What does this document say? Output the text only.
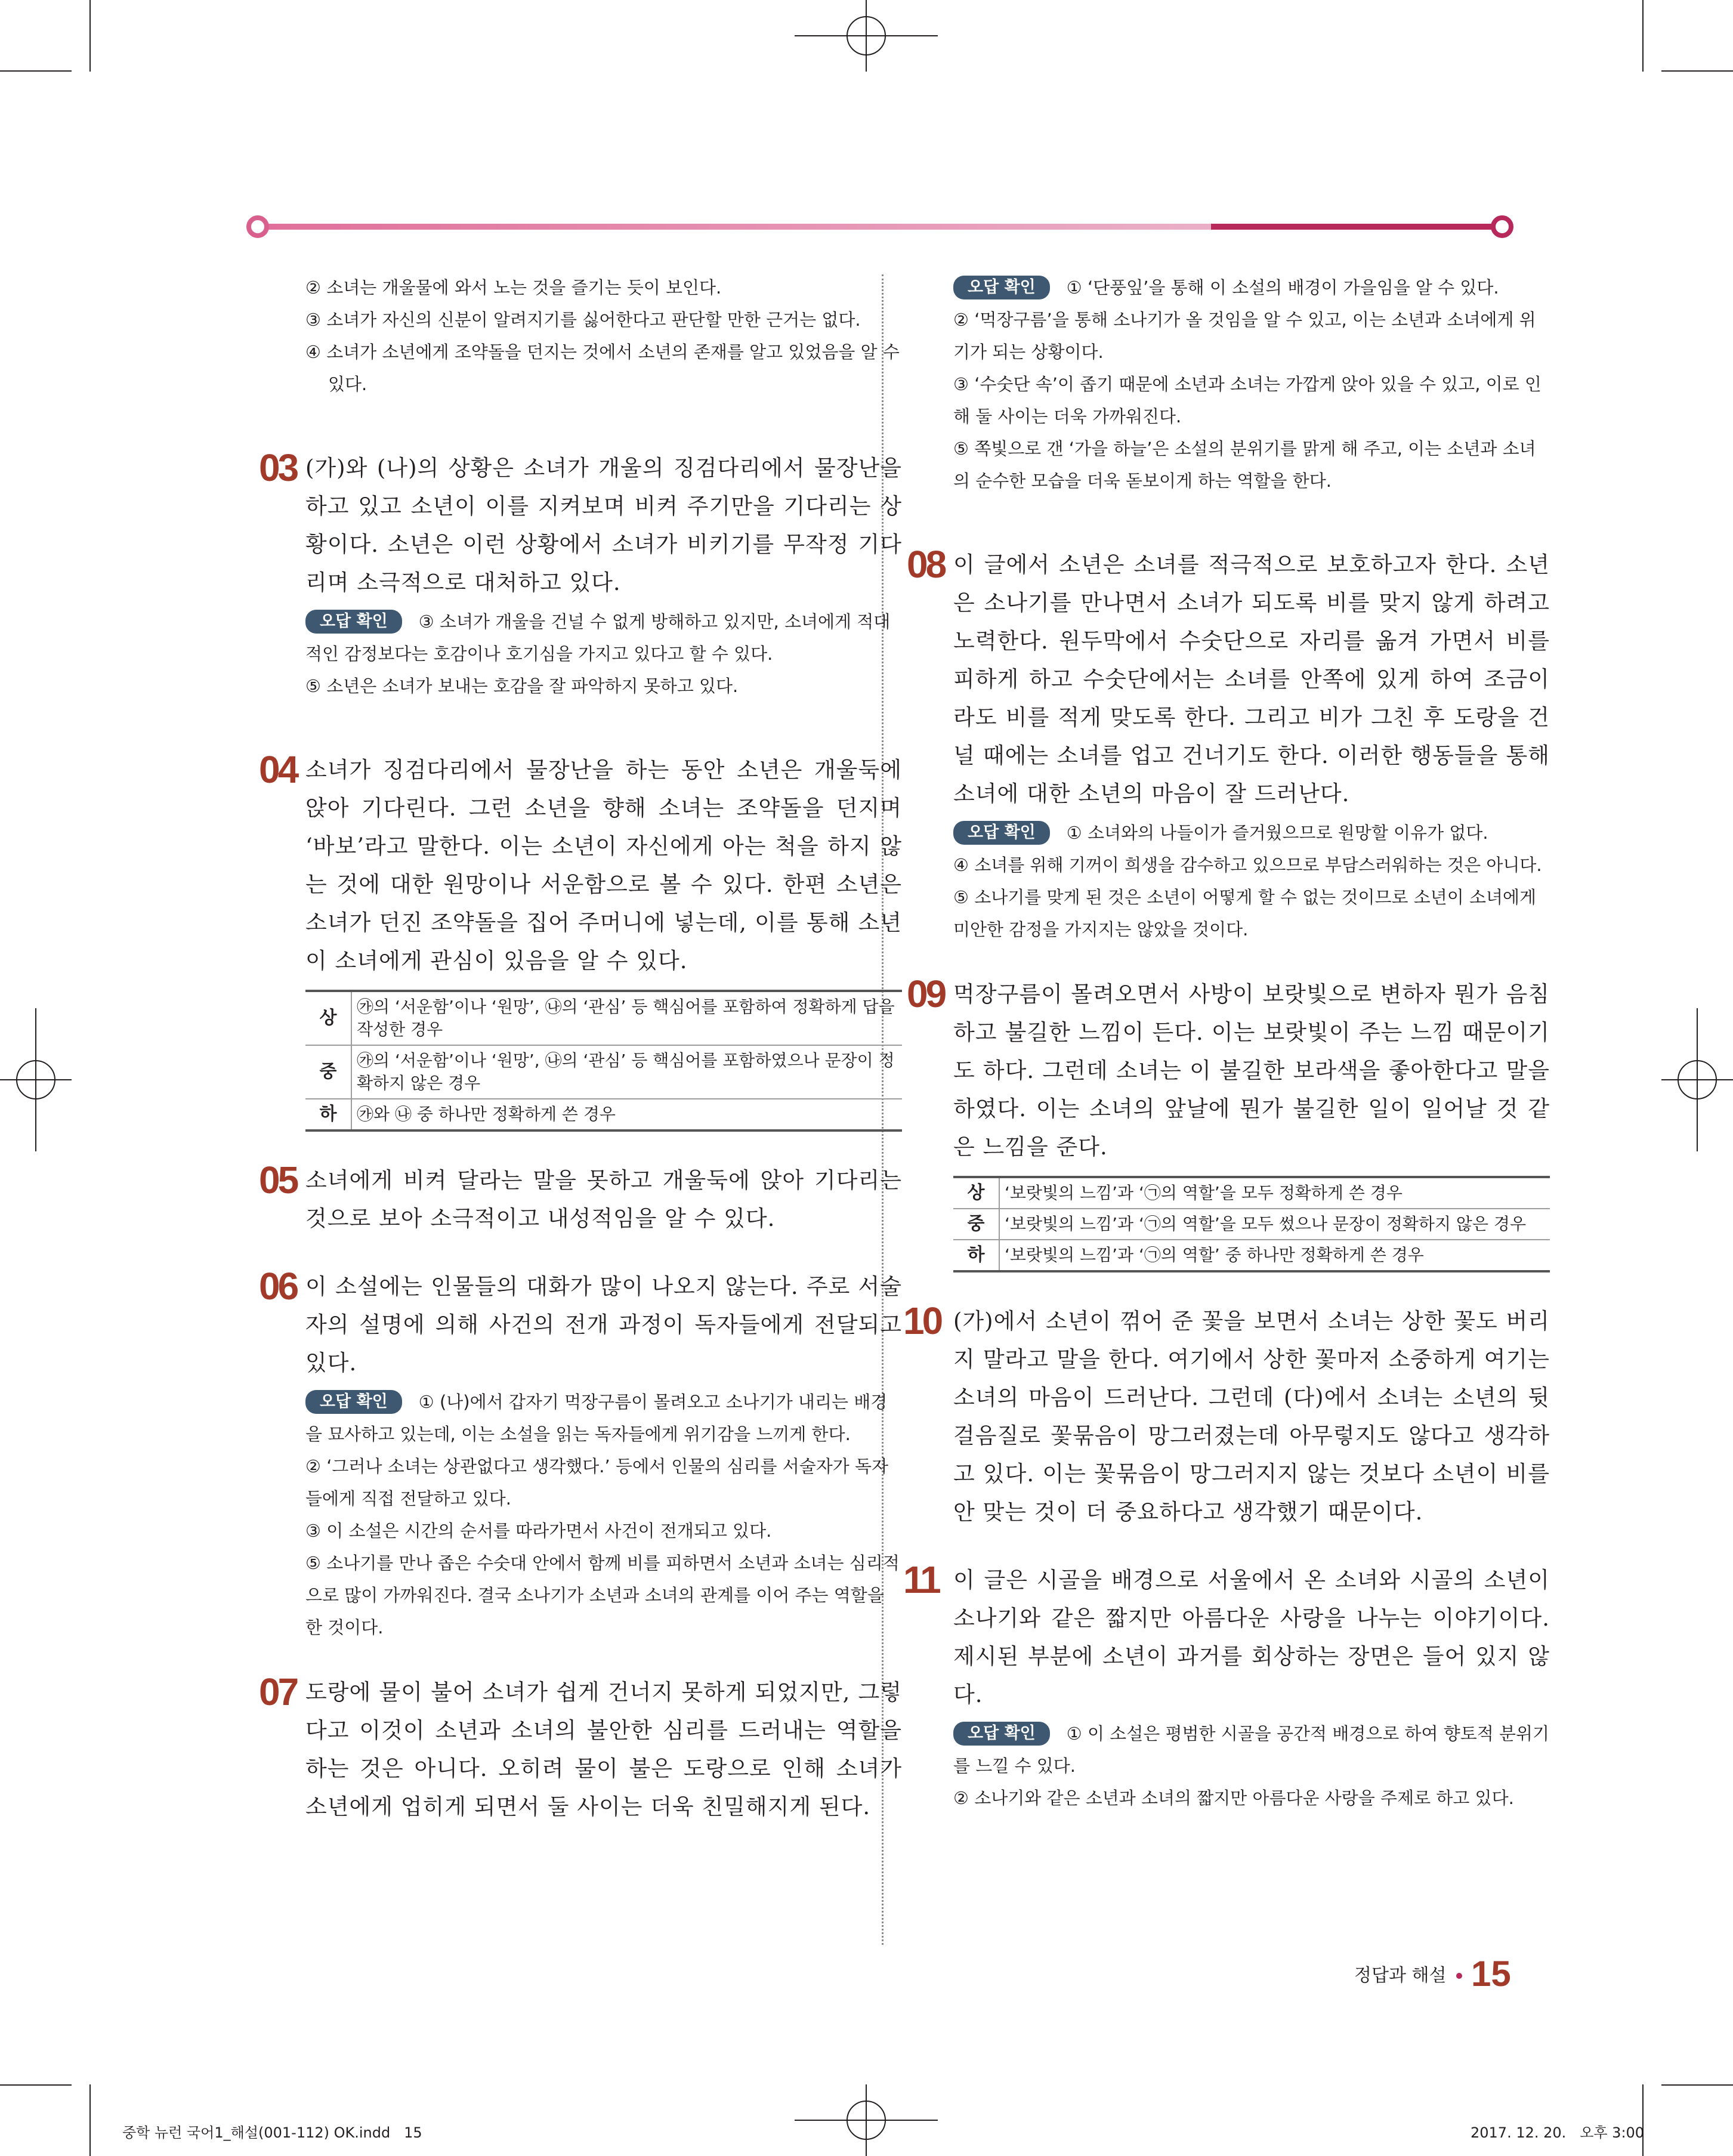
② 소녀는 개울물에 와서 노는 것을 즐기는 듯이 보인다.

③ 소녀가 자신의 신분이 알려지기를 싫어한다고 판단할 만한 근거는 없다.

④ 소녀가 소년에게 조약돌을 던지는 것에서 소년의 존재를 알고 있었음을 알 수 있다.

03 (가)와 (나)의 상황은 소녀가 개울의 징검다리에서 물장난을 하고 있고 소년이 이를 지켜보며 비켜 주기만을 기다리는 상황이다. 소년은 이런 상황에서 소녀가 비키기를 무작정 기다리며 소극적으로 대처하고 있다.

오답 확인 ③ 소녀가 개울을 건널 수 없게 방해하고 있지만, 소녀에게 적대적인 감정보다는 호감이나 호기심을 가지고 있다고 할 수 있다.

⑤ 소년은 소녀가 보내는 호감을 잘 파악하지 못하고 있다.

04 소녀가 징검다리에서 물장난을 하는 동안 소년은 개울둑에 앉아 기다린다. 그런 소년을 향해 소녀는 조약돌을 던지며 ‘바보’라고 말한다. 이는 소년이 자신에게 아는 척을 하지 않는 것에 대한 원망이나 서운함으로 볼 수 있다. 한편 소년은 소녀가 던진 조약돌을 집어 주머니에 넣는데, 이를 통해 소년이 소녀에게 관심이 있음을 알 수 있다.

상	㉮의 ‘서운함’이나 ‘원망’, ㉯의 ‘관심’ 등 핵심어를 포함하여 정확하게 답을 작성한 경우
중	㉮의 ‘서운함’이나 ‘원망’, ㉯의 ‘관심’ 등 핵심어를 포함하였으나 문장이 정확하지 않은 경우
하	㉮와 ㉯ 중 하나만 정확하게 쓴 경우
05 소녀에게 비켜 달라는 말을 못하고 개울둑에 앉아 기다리는 것으로 보아 소극적이고 내성적임을 알 수 있다.

06 이 소설에는 인물들의 대화가 많이 나오지 않는다. 주로 서술자의 설명에 의해 사건의 전개 과정이 독자들에게 전달되고 있다.

오답 확인 ① (나)에서 갑자기 먹장구름이 몰려오고 소나기가 내리는 배경을 묘사하고 있는데, 이는 소설을 읽는 독자들에게 위기감을 느끼게 한다.

② ‘그러나 소녀는 상관없다고 생각했다.’ 등에서 인물의 심리를 서술자가 독자들에게 직접 전달하고 있다.

③ 이 소설은 시간의 순서를 따라가면서 사건이 전개되고 있다.

⑤ 소나기를 만나 좁은 수숫대 안에서 함께 비를 피하면서 소년과 소녀는 심리적으로 많이 가까워진다. 결국 소나기가 소년과 소녀의 관계를 이어 주는 역할을 한 것이다.

07 도랑에 물이 불어 소녀가 쉽게 건너지 못하게 되었지만, 그렇다고 이것이 소년과 소녀의 불안한 심리를 드러내는 역할을 하는 것은 아니다. 오히려 물이 불은 도랑으로 인해 소녀가 소년에게 업히게 되면서 둘 사이는 더욱 친밀해지게 된다.

오답 확인 ① ‘단풍잎’을 통해 이 소설의 배경이 가을임을 알 수 있다.

② ‘먹장구름’을 통해 소나기가 올 것임을 알 수 있고, 이는 소년과 소녀에게 위기가 되는 상황이다.

③ ‘수숫단 속’이 좁기 때문에 소년과 소녀는 가깝게 앉아 있을 수 있고, 이로 인해 둘 사이는 더욱 가까워진다.

⑤ 쪽빛으로 갠 ‘가을 하늘’은 소설의 분위기를 맑게 해 주고, 이는 소년과 소녀의 순수한 모습을 더욱 돋보이게 하는 역할을 한다.

08 이 글에서 소년은 소녀를 적극적으로 보호하고자 한다. 소년은 소나기를 만나면서 소녀가 되도록 비를 맞지 않게 하려고 노력한다. 원두막에서 수숫단으로 자리를 옮겨 가면서 비를 피하게 하고 수숫단에서는 소녀를 안쪽에 있게 하여 조금이라도 비를 적게 맞도록 한다. 그리고 비가 그친 후 도랑을 건널 때에는 소녀를 업고 건너기도 한다. 이러한 행동들을 통해 소녀에 대한 소년의 마음이 잘 드러난다.

오답 확인 ① 소녀와의 나들이가 즐거웠으므로 원망할 이유가 없다.

④ 소녀를 위해 기꺼이 희생을 감수하고 있으므로 부담스러워하는 것은 아니다.

⑤ 소나기를 맞게 된 것은 소년이 어떻게 할 수 없는 것이므로 소년이 소녀에게 미안한 감정을 가지지는 않았을 것이다.

09 먹장구름이 몰려오면서 사방이 보랏빛으로 변하자 뭔가 음침하고 불길한 느낌이 든다. 이는 보랏빛이 주는 느낌 때문이기도 하다. 그런데 소녀는 이 불길한 보라색을 좋아한다고 말을 하였다. 이는 소녀의 앞날에 뭔가 불길한 일이 일어날 것 같은 느낌을 준다.

상	‘보랏빛의 느낌’과 ‘㉠의 역할’을 모두 정확하게 쓴 경우
중	‘보랏빛의 느낌’과 ‘㉠의 역할’을 모두 썼으나 문장이 정확하지 않은 경우
하	‘보랏빛의 느낌’과 ‘㉠의 역할’ 중 하나만 정확하게 쓴 경우
10 (가)에서 소년이 꺾어 준 꽃을 보면서 소녀는 상한 꽃도 버리지 말라고 말을 한다. 여기에서 상한 꽃마저 소중하게 여기는 소녀의 마음이 드러난다. 그런데 (다)에서 소녀는 소년의 뒷걸음질로 꽃묶음이 망그러졌는데 아무렇지도 않다고 생각하고 있다. 이는 꽃묶음이 망그러지지 않는 것보다 소년이 비를 안 맞는 것이 더 중요하다고 생각했기 때문이다.

11 이 글은 시골을 배경으로 서울에서 온 소녀와 시골의 소년이 소나기와 같은 짧지만 아름다운 사랑을 나누는 이야기이다. 제시된 부분에 소년이 과거를 회상하는 장면은 들어 있지 않다.

오답 확인 ① 이 소설은 평범한 시골을 공간적 배경으로 하여 향토적 분위기를 느낄 수 있다.

② 소나기와 같은 소년과 소녀의 짧지만 아름다운 사랑을 주제로 하고 있다.

정답과 해설 15
중학 뉴런 국어1_해설(001-112) OK.indd   15	2017. 12. 20.   오후 3:00
